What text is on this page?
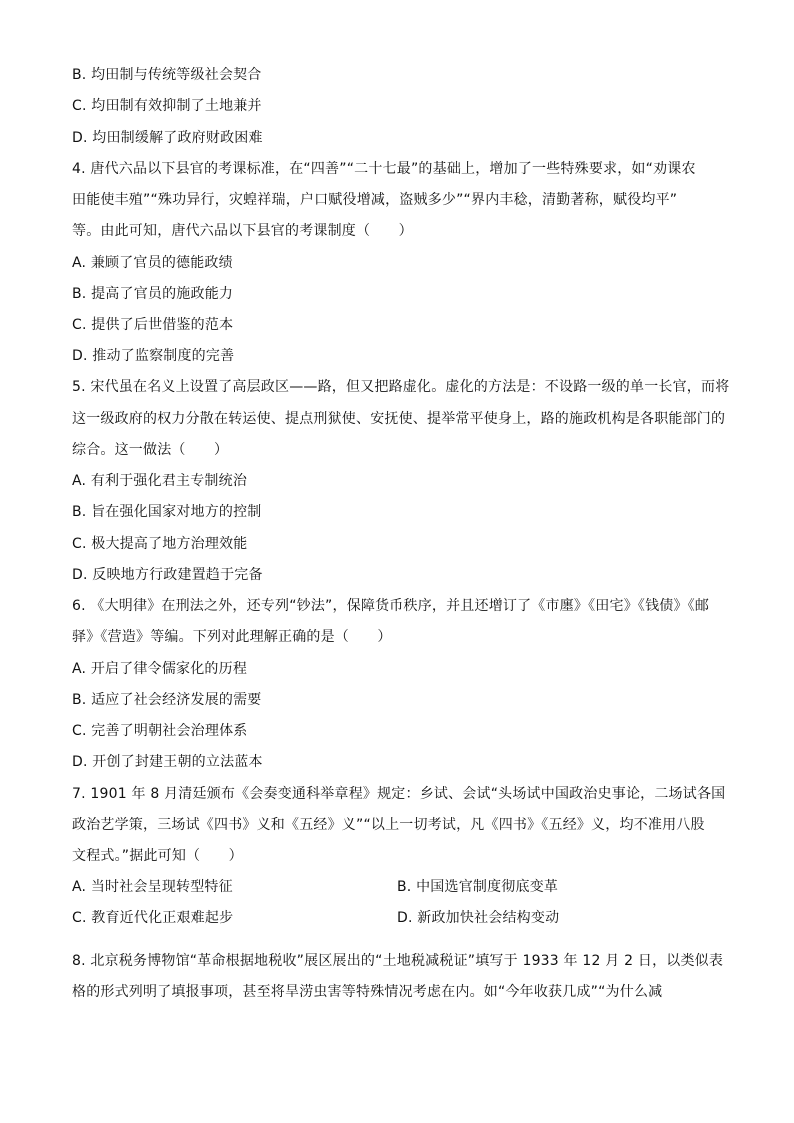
B. 均田制与传统等级社会契合
C. 均田制有效抑制了土地兼并
D. 均田制缓解了政府财政困难
4. 唐代六品以下县官的考课标准，在“四善”“二十七最”的基础上，增加了一些特殊要求，如“劝课农
田能使丰殖”“殊功异行，灾蝗祥瑞，户口赋役增减，盗贼多少”“界内丰稔，清勤著称，赋役均平”
等。由此可知，唐代六品以下县官的考课制度（　　）
A. 兼顾了官员的德能政绩
B. 提高了官员的施政能力
C. 提供了后世借鉴的范本
D. 推动了监察制度的完善
5. 宋代虽在名义上设置了高层政区——路，但又把路虚化。虚化的方法是：不设路一级的单一长官，而将
这一级政府的权力分散在转运使、提点刑狱使、安抚使、提举常平使身上，路的施政机构是各职能部门的
综合。这一做法（　　）
A. 有利于强化君主专制统治
B. 旨在强化国家对地方的控制
C. 极大提高了地方治理效能
D. 反映地方行政建置趋于完备
6. 《大明律》在刑法之外，还专列“钞法”，保障货币秩序，并且还增订了《市廛》《田宅》《钱债》《邮
驿》《营造》等编。下列对此理解正确的是（　　）
A. 开启了律令儒家化的历程
B. 适应了社会经济发展的需要
C. 完善了明朝社会治理体系
D. 开创了封建王朝的立法蓝本
7. 1901 年 8 月清廷颁布《会奏变通科举章程》规定：乡试、会试“头场试中国政治史事论，二场试各国
政治艺学策，三场试《四书》义和《五经》义”“以上一切考试，凡《四书》《五经》义，均不准用八股
文程式。”据此可知（　　）
A. 当时社会呈现转型特征	B. 中国选官制度彻底变革
C. 教育近代化正艰难起步	D. 新政加快社会结构变动
8. 北京税务博物馆“革命根据地税收”展区展出的“土地税减税证”填写于 1933 年 12 月 2 日，以类似表
格的形式列明了填报事项，甚至将旱涝虫害等特殊情况考虑在内。如“今年收获几成”“为什么减
